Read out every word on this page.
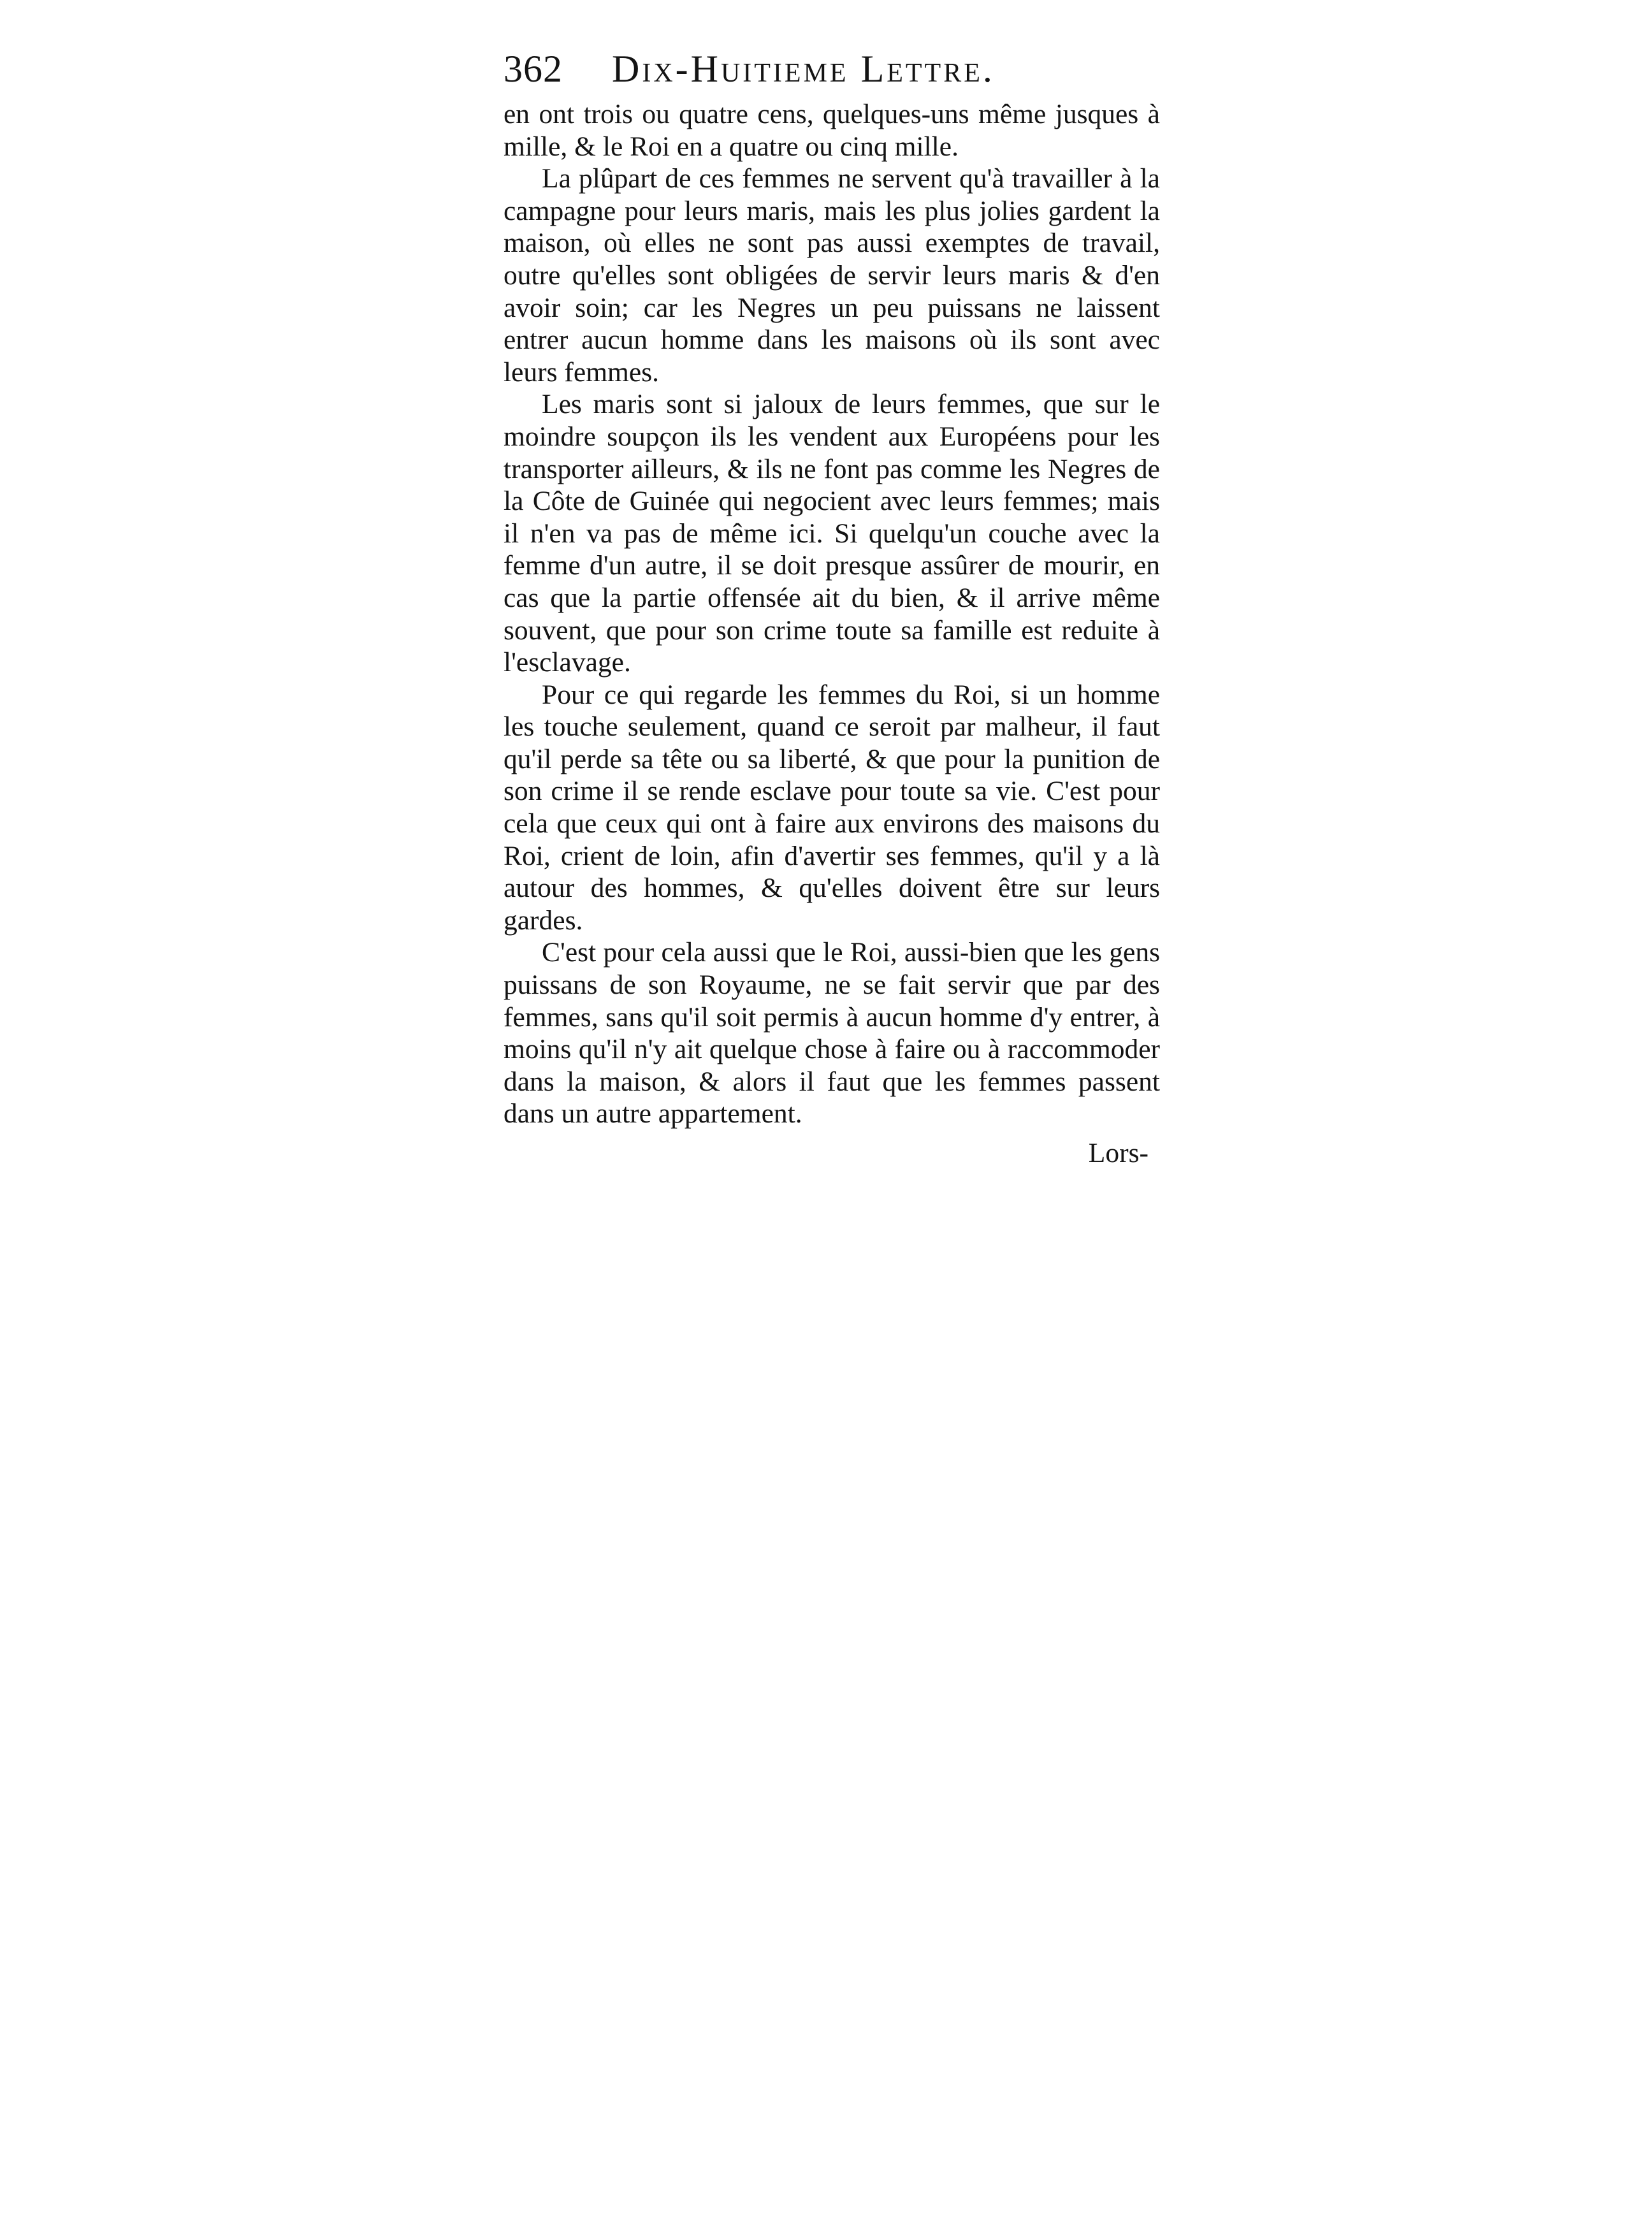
362 Dix-Huitieme Lettre.

en ont trois ou quatre cens, quelques-uns même jusques à mille, & le Roi en a quatre ou cinq mille.

La plûpart de ces femmes ne servent qu'à travailler à la campagne pour leurs maris, mais les plus jolies gardent la maison, où elles ne sont pas aussi exemptes de travail, outre qu'elles sont obligées de servir leurs maris & d'en avoir soin; car les Negres un peu puissans ne laissent entrer aucun homme dans les maisons où ils sont avec leurs femmes.

Les maris sont si jaloux de leurs femmes, que sur le moindre soupçon ils les vendent aux Européens pour les transporter ailleurs, & ils ne font pas comme les Negres de la Côte de Guinée qui negocient avec leurs femmes; mais il n'en va pas de même ici. Si quelqu'un couche avec la femme d'un autre, il se doit presque assûrer de mourir, en cas que la partie offensée ait du bien, & il arrive même souvent, que pour son crime toute sa famille est reduite à l'esclavage.

Pour ce qui regarde les femmes du Roi, si un homme les touche seulement, quand ce seroit par malheur, il faut qu'il perde sa tête ou sa liberté, & que pour la punition de son crime il se rende esclave pour toute sa vie. C'est pour cela que ceux qui ont à faire aux environs des maisons du Roi, crient de loin, afin d'avertir ses femmes, qu'il y a là autour des hommes, & qu'elles doivent être sur leurs gardes.

C'est pour cela aussi que le Roi, aussi-bien que les gens puissans de son Royaume, ne se fait servir que par des femmes, sans qu'il soit permis à aucun homme d'y entrer, à moins qu'il n'y ait quelque chose à faire ou à raccommoder dans la maison, & alors il faut que les femmes passent dans un autre appartement.

Lors-
